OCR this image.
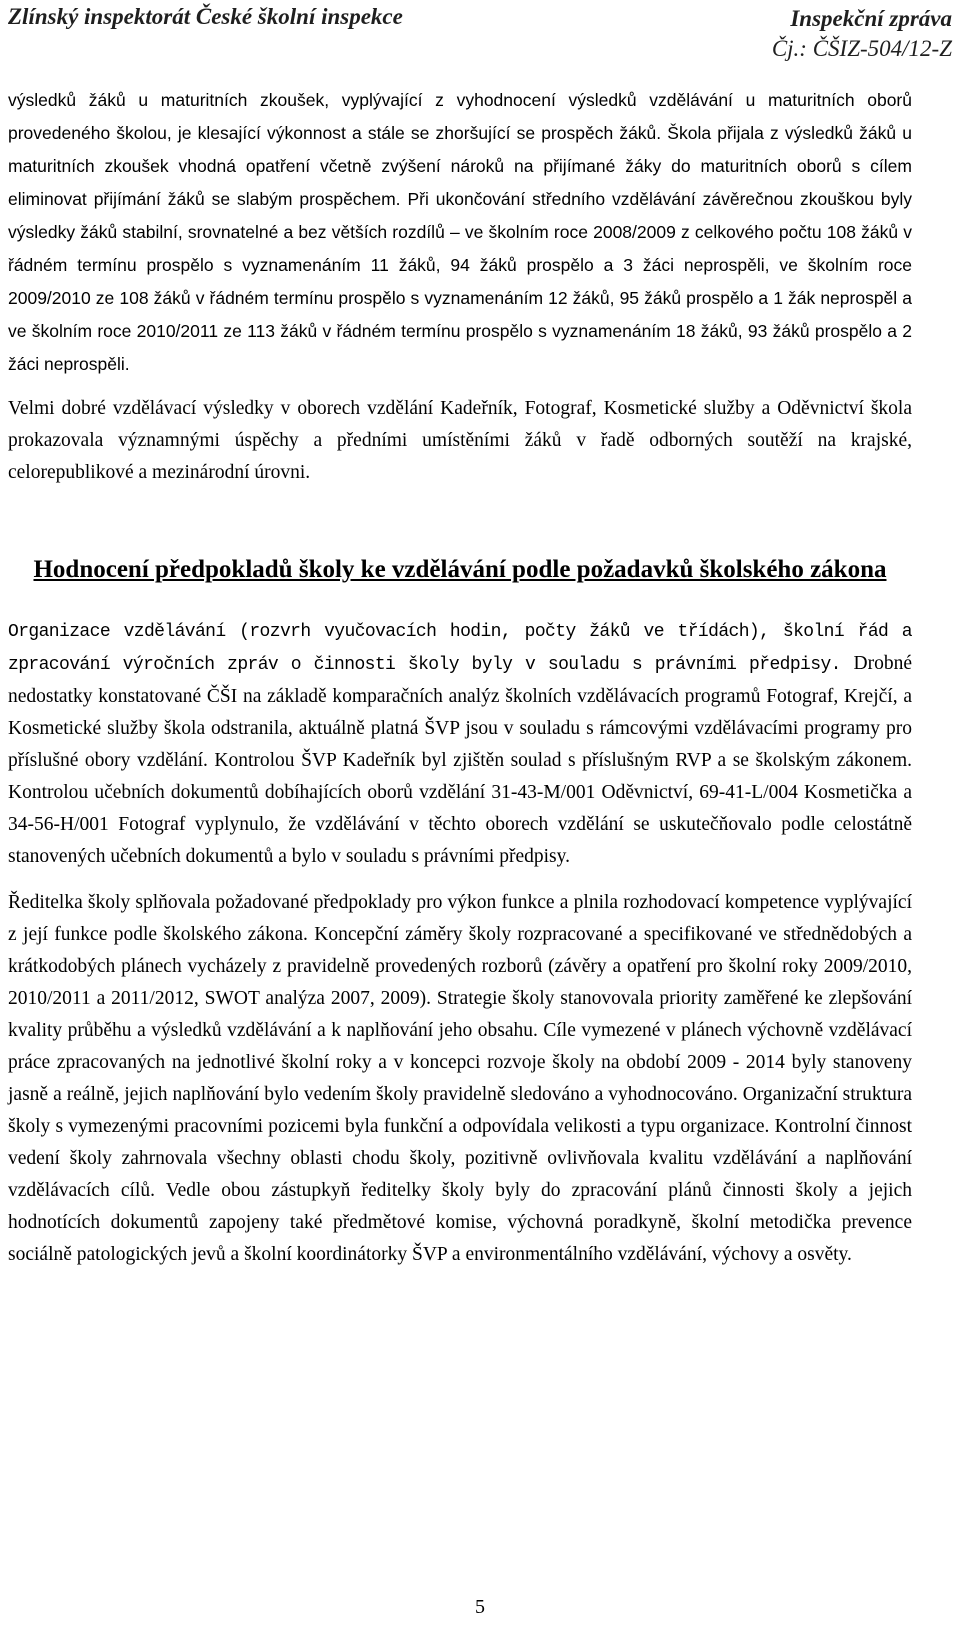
Zlínský inspektorát České školní inspekce	Inspekční zpráva
Čj.: ČŠIZ-504/12-Z

výsledků žáků u maturitních zkoušek, vyplývající z vyhodnocení výsledků vzdělávání u maturitních oborů provedeného školou, je klesající výkonnost a stále se zhoršující se prospěch žáků. Škola přijala z výsledků žáků u maturitních zkoušek vhodná opatření včetně zvýšení nároků na přijímané žáky do maturitních oborů s cílem eliminovat přijímání žáků se slabým prospěchem. Při ukončování středního vzdělávání závěrečnou zkouškou byly výsledky žáků stabilní, srovnatelné a bez větších rozdílů – ve školním roce 2008/2009 z celkového počtu 108 žáků v řádném termínu prospělo s vyznamenáním 11 žáků, 94 žáků prospělo a 3 žáci neprospěli, ve školním roce 2009/2010 ze 108 žáků v řádném termínu prospělo s vyznamenáním 12 žáků, 95 žáků prospělo a 1 žák neprospěl a ve školním roce 2010/2011 ze 113 žáků v řádném termínu prospělo s vyznamenáním 18 žáků, 93 žáků prospělo a 2 žáci neprospěli.

Velmi dobré vzdělávací výsledky v oborech vzdělání Kadeřník, Fotograf, Kosmetické služby a Oděvnictví škola prokazovala významnými úspěchy a předními umístěními žáků v řadě odborných soutěží na krajské, celorepublikové a mezinárodní úrovni.

Hodnocení předpokladů školy ke vzdělávání podle požadavků školského zákona

Organizace vzdělávání (rozvrh vyučovacích hodin, počty žáků ve třídách), školní řád a zpracování výročních zpráv o činnosti školy byly v souladu s právními předpisy. Drobné nedostatky konstatované ČŠI na základě komparačních analýz školních vzdělávacích programů Fotograf, Krejčí, a Kosmetické služby škola odstranila, aktuálně platná ŠVP jsou v souladu s rámcovými vzdělávacími programy pro příslušné obory vzdělání. Kontrolou ŠVP Kadeřník byl zjištěn soulad s příslušným RVP a se školským zákonem. Kontrolou učebních dokumentů dobíhajících oborů vzdělání 31-43-M/001 Oděvnictví, 69-41-L/004 Kosmetička a 34-56-H/001 Fotograf vyplynulo, že vzdělávání v těchto oborech vzdělání se uskutečňovalo podle celostátně stanovených učebních dokumentů a bylo v souladu s právními předpisy.

Ředitelka školy splňovala požadované předpoklady pro výkon funkce a plnila rozhodovací kompetence vyplývající z její funkce podle školského zákona. Koncepční záměry školy rozpracované a specifikované ve střednědobých a krátkodobých plánech vycházely z pravidelně provedených rozborů (závěry a opatření pro školní roky 2009/2010, 2010/2011 a 2011/2012, SWOT analýza 2007, 2009). Strategie školy stanovovala priority zaměřené ke zlepšování kvality průběhu a výsledků vzdělávání a k naplňování jeho obsahu. Cíle vymezené v plánech výchovně vzdělávací práce zpracovaných na jednotlivé školní roky a v koncepci rozvoje školy na období 2009 - 2014 byly stanoveny jasně a reálně, jejich naplňování bylo vedením školy pravidelně sledováno a vyhodnocováno. Organizační struktura školy s vymezenými pracovními pozicemi byla funkční a odpovídala velikosti a typu organizace. Kontrolní činnost vedení školy zahrnovala všechny oblasti chodu školy, pozitivně ovlivňovala kvalitu vzdělávání a naplňování vzdělávacích cílů. Vedle obou zástupkyň ředitelky školy byly do zpracování plánů činnosti školy a jejich hodnotících dokumentů zapojeny také předmětové komise, výchovná poradkyně, školní metodička prevence sociálně patologických jevů a školní koordinátorky ŠVP a environmentálního vzdělávání, výchovy a osvěty.

5
